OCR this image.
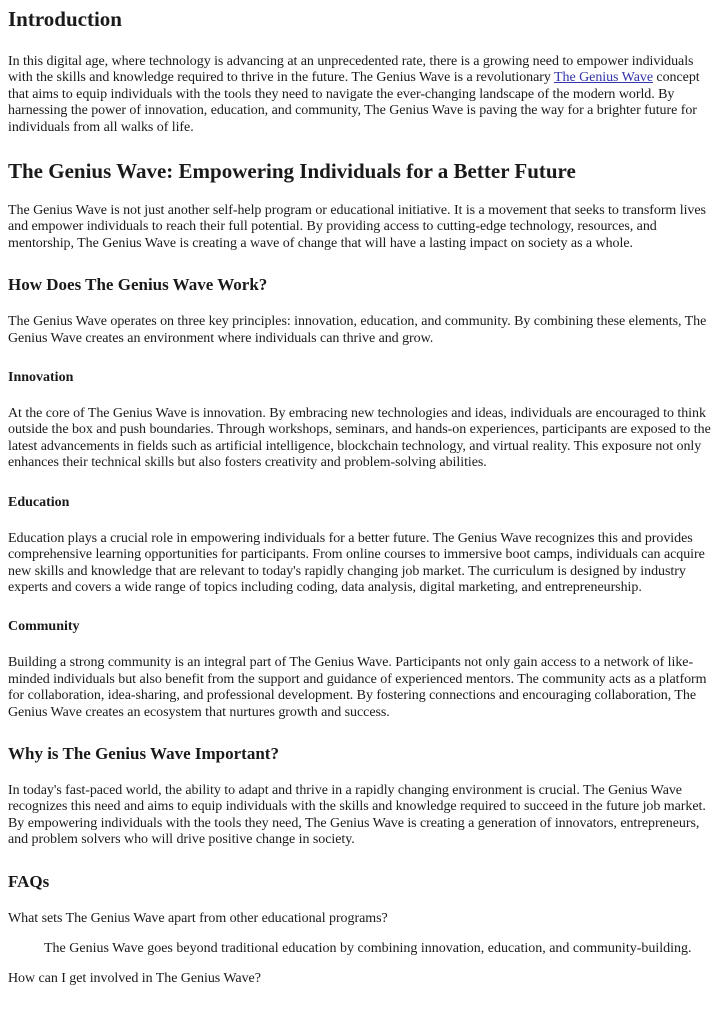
Introduction

In this digital age, where technology is advancing at an unprecedented rate, there is a growing need to empower individuals with the skills and knowledge required to thrive in the future. The Genius Wave is a revolutionary The Genius Wave concept that aims to equip individuals with the tools they need to navigate the ever-changing landscape of the modern world. By harnessing the power of innovation, education, and community, The Genius Wave is paving the way for a brighter future for individuals from all walks of life.

The Genius Wave: Empowering Individuals for a Better Future

The Genius Wave is not just another self-help program or educational initiative. It is a movement that seeks to transform lives and empower individuals to reach their full potential. By providing access to cutting-edge technology, resources, and mentorship, The Genius Wave is creating a wave of change that will have a lasting impact on society as a whole.

How Does The Genius Wave Work?

The Genius Wave operates on three key principles: innovation, education, and community. By combining these elements, The Genius Wave creates an environment where individuals can thrive and grow.

Innovation

At the core of The Genius Wave is innovation. By embracing new technologies and ideas, individuals are encouraged to think outside the box and push boundaries. Through workshops, seminars, and hands-on experiences, participants are exposed to the latest advancements in fields such as artificial intelligence, blockchain technology, and virtual reality. This exposure not only enhances their technical skills but also fosters creativity and problem-solving abilities.

Education

Education plays a crucial role in empowering individuals for a better future. The Genius Wave recognizes this and provides comprehensive learning opportunities for participants. From online courses to immersive boot camps, individuals can acquire new skills and knowledge that are relevant to today's rapidly changing job market. The curriculum is designed by industry experts and covers a wide range of topics including coding, data analysis, digital marketing, and entrepreneurship.

Community

Building a strong community is an integral part of The Genius Wave. Participants not only gain access to a network of like-minded individuals but also benefit from the support and guidance of experienced mentors. The community acts as a platform for collaboration, idea-sharing, and professional development. By fostering connections and encouraging collaboration, The Genius Wave creates an ecosystem that nurtures growth and success.

Why is The Genius Wave Important?

In today's fast-paced world, the ability to adapt and thrive in a rapidly changing environment is crucial. The Genius Wave recognizes this need and aims to equip individuals with the skills and knowledge required to succeed in the future job market. By empowering individuals with the tools they need, The Genius Wave is creating a generation of innovators, entrepreneurs, and problem solvers who will drive positive change in society.

FAQs

What sets The Genius Wave apart from other educational programs?

The Genius Wave goes beyond traditional education by combining innovation, education, and community-building.

How can I get involved in The Genius Wave?
